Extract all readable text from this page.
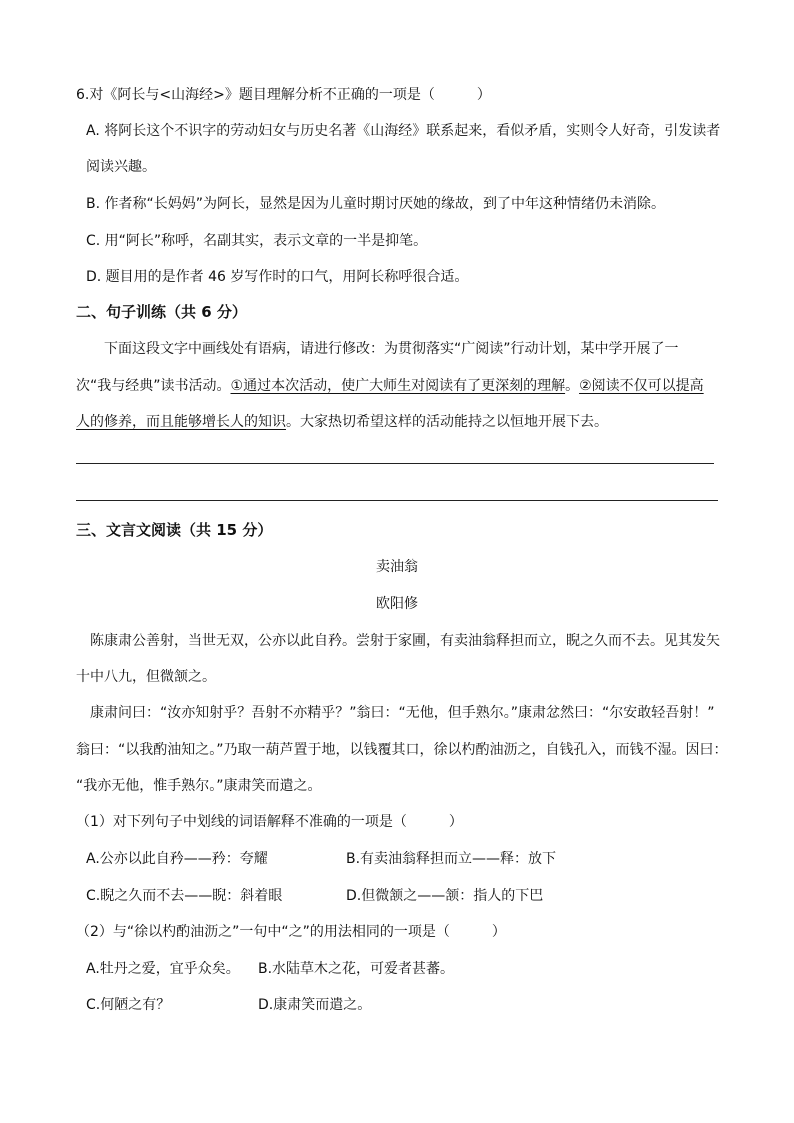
6.对《阿长与<山海经>》题目理解分析不正确的一项是（　　　）
A. 将阿长这个不识字的劳动妇女与历史名著《山海经》联系起来，看似矛盾，实则令人好奇，引发读者
阅读兴趣。
B. 作者称“长妈妈”为阿长，显然是因为儿童时期讨厌她的缘故，到了中年这种情绪仍未消除。
C. 用“阿长”称呼，名副其实，表示文章的一半是抑笔。
D. 题目用的是作者 46 岁写作时的口气，用阿长称呼很合适。
二、句子训练（共 6 分）
下面这段文字中画线处有语病，请进行修改：为贯彻落实“广阅读”行动计划，某中学开展了一
次“我与经典”读书活动。①通过本次活动，使广大师生对阅读有了更深刻的理解。②阅读不仅可以提高
人的修养，而且能够增长人的知识。大家热切希望这样的活动能持之以恒地开展下去。
三、文言文阅读（共 15 分）
卖油翁
欧阳修
陈康肃公善射，当世无双，公亦以此自矜。尝射于家圃，有卖油翁释担而立，睨之久而不去。见其发矢
十中八九，但微颔之。
康肃问曰：“汝亦知射乎？吾射不亦精乎？”翁曰：“无他，但手熟尔。”康肃忿然曰：“尔安敢轻吾射！”
翁曰：“以我酌油知之。”乃取一葫芦置于地，以钱覆其口，徐以杓酌油沥之，自钱孔入，而钱不湿。因曰：
“我亦无他，惟手熟尔。”康肃笑而遣之。
（1）对下列句子中划线的词语解释不准确的一项是（　　　）
A.公亦以此自矜——矜：夸耀	B.有卖油翁释担而立——释：放下
C.睨之久而不去——睨：斜着眼	D.但微颔之——颔：指人的下巴
（2）与“徐以杓酌油沥之”一句中“之”的用法相同的一项是（　　　）
A.牡丹之爱，宜乎众矣。 B.水陆草木之花，可爱者甚蕃。
C.何陋之有？	D.康肃笑而遣之。
